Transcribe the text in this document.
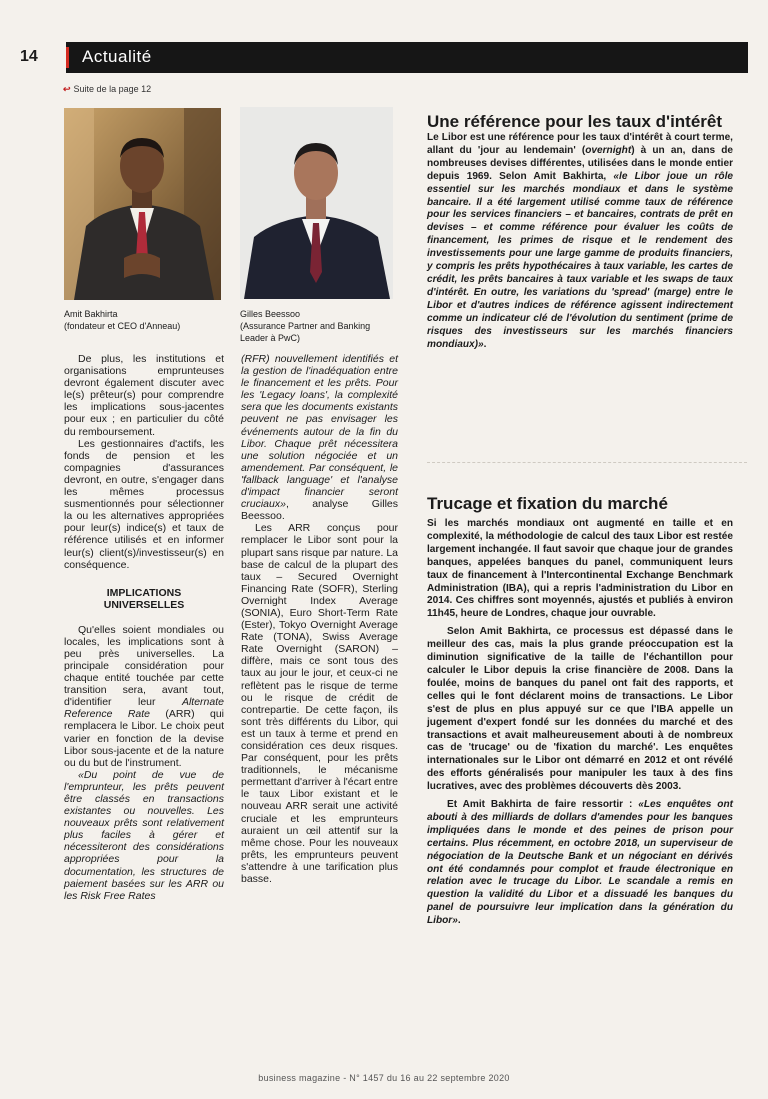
14	Actualité
↩ Suite de la page 12
Amit Bakhirta
(fondateur et CEO d'Anneau)
Gilles Beessoo
(Assurance Partner and Banking
Leader à PwC)

De plus, les institutions et organisations emprunteuses devront également discuter avec le(s) prêteur(s) pour comprendre les implications sous-jacentes pour eux ; en particulier du côté du remboursement.

Les gestionnaires d'actifs, les fonds de pension et les compagnies d'assurances devront, en outre, s'engager dans les mêmes processus susmentionnés pour sélectionner la ou les alternatives appropriées pour leur(s) indice(s) et taux de référence utilisés et en informer leur(s) client(s)/investisseur(s) en conséquence.

IMPLICATIONS
UNIVERSELLES

Qu'elles soient mondiales ou locales, les implications sont à peu près universelles. La principale considération pour chaque entité touchée par cette transition sera, avant tout, d'identifier leur Alternate Reference Rate (ARR) qui remplacera le Libor. Le choix peut varier en fonction de la devise Libor sous-jacente et de la nature ou du but de l'instrument.

«Du point de vue de l'emprunteur, les prêts peuvent être classés en transactions existantes ou nouvelles. Les nouveaux prêts sont relativement plus faciles à gérer et nécessiteront des considérations appropriées pour la documentation, les structures de paiement basées sur les ARR ou les Risk Free Rates

(RFR) nouvellement identifiés et la gestion de l'inadéquation entre le financement et les prêts. Pour les 'Legacy loans', la complexité sera que les documents existants peuvent ne pas envisager les événements autour de la fin du Libor. Chaque prêt nécessitera une solution négociée et un amendement. Par conséquent, le 'fallback language' et l'analyse d'impact financier seront cruciaux», analyse Gilles Beessoo.

Les ARR conçus pour remplacer le Libor sont pour la plupart sans risque par nature. La base de calcul de la plupart des taux – Secured Overnight Financing Rate (SOFR), Sterling Overnight Index Average (SONIA), Euro Short-Term Rate (Ester), Tokyo Overnight Average Rate (TONA), Swiss Average Rate Overnight (SARON) – diffère, mais ce sont tous des taux au jour le jour, et ceux-ci ne reflètent pas le risque de terme ou le risque de crédit de contrepartie. De cette façon, ils sont très différents du Libor, qui est un taux à terme et prend en considération ces deux risques. Par conséquent, pour les prêts traditionnels, le mécanisme permettant d'arriver à l'écart entre le taux Libor existant et le nouveau ARR serait une activité cruciale et les emprunteurs auraient un œil attentif sur la même chose. Pour les nouveaux prêts, les emprunteurs peuvent s'attendre à une tarification plus basse.

Une référence pour les taux d'intérêt

Le Libor est une référence pour les taux d'intérêt à court terme, allant du 'jour au lendemain' (overnight) à un an, dans de nombreuses devises différentes, utilisées dans le monde entier depuis 1969. Selon Amit Bakhirta, «le Libor joue un rôle essentiel sur les marchés mondiaux et dans le système bancaire. Il a été largement utilisé comme taux de référence pour les services financiers – et bancaires, contrats de prêt en devises – et comme référence pour évaluer les coûts de financement, les primes de risque et le rendement des investissements pour une large gamme de produits financiers, y compris les prêts hypothécaires à taux variable, les cartes de crédit, les prêts bancaires à taux variable et les swaps de taux d'intérêt. En outre, les variations du 'spread' (marge) entre le Libor et d'autres indices de référence agissent indirectement comme un indicateur clé de l'évolution du sentiment (prime de risques des investisseurs sur les marchés financiers mondiaux)».

Trucage et fixation du marché

Si les marchés mondiaux ont augmenté en taille et en complexité, la méthodologie de calcul des taux Libor est restée largement inchangée. Il faut savoir que chaque jour de grandes banques, appelées banques du panel, communiquent leurs taux de financement à l'Intercontinental Exchange Benchmark Administration (IBA), qui a repris l'administration du Libor en 2014. Ces chiffres sont moyennés, ajustés et publiés à environ 11h45, heure de Londres, chaque jour ouvrable.

Selon Amit Bakhirta, ce processus est dépassé dans le meilleur des cas, mais la plus grande préoccupation est la diminution significative de la taille de l'échantillon pour calculer le Libor depuis la crise financière de 2008. Dans la foulée, moins de banques du panel ont fait des rapports, et celles qui le font déclarent moins de transactions. Le Libor s'est de plus en plus appuyé sur ce que l'IBA appelle un jugement d'expert fondé sur les données du marché et des transactions et avait malheureusement abouti à de nombreux cas de 'trucage' ou de 'fixation du marché'. Les enquêtes internationales sur le Libor ont démarré en 2012 et ont révélé des efforts généralisés pour manipuler les taux à des fins lucratives, avec des problèmes découverts dès 2003.

Et Amit Bakhirta de faire ressortir : «Les enquêtes ont abouti à des milliards de dollars d'amendes pour les banques impliquées dans le monde et des peines de prison pour certains. Plus récemment, en octobre 2018, un superviseur de négociation de la Deutsche Bank et un négociant en dérivés ont été condamnés pour complot et fraude électronique en relation avec le trucage du Libor. Le scandale a remis en question la validité du Libor et a dissuadé les banques du panel de poursuivre leur implication dans la génération du Libor».

business magazine - N° 1457 du 16 au 22 septembre 2020
